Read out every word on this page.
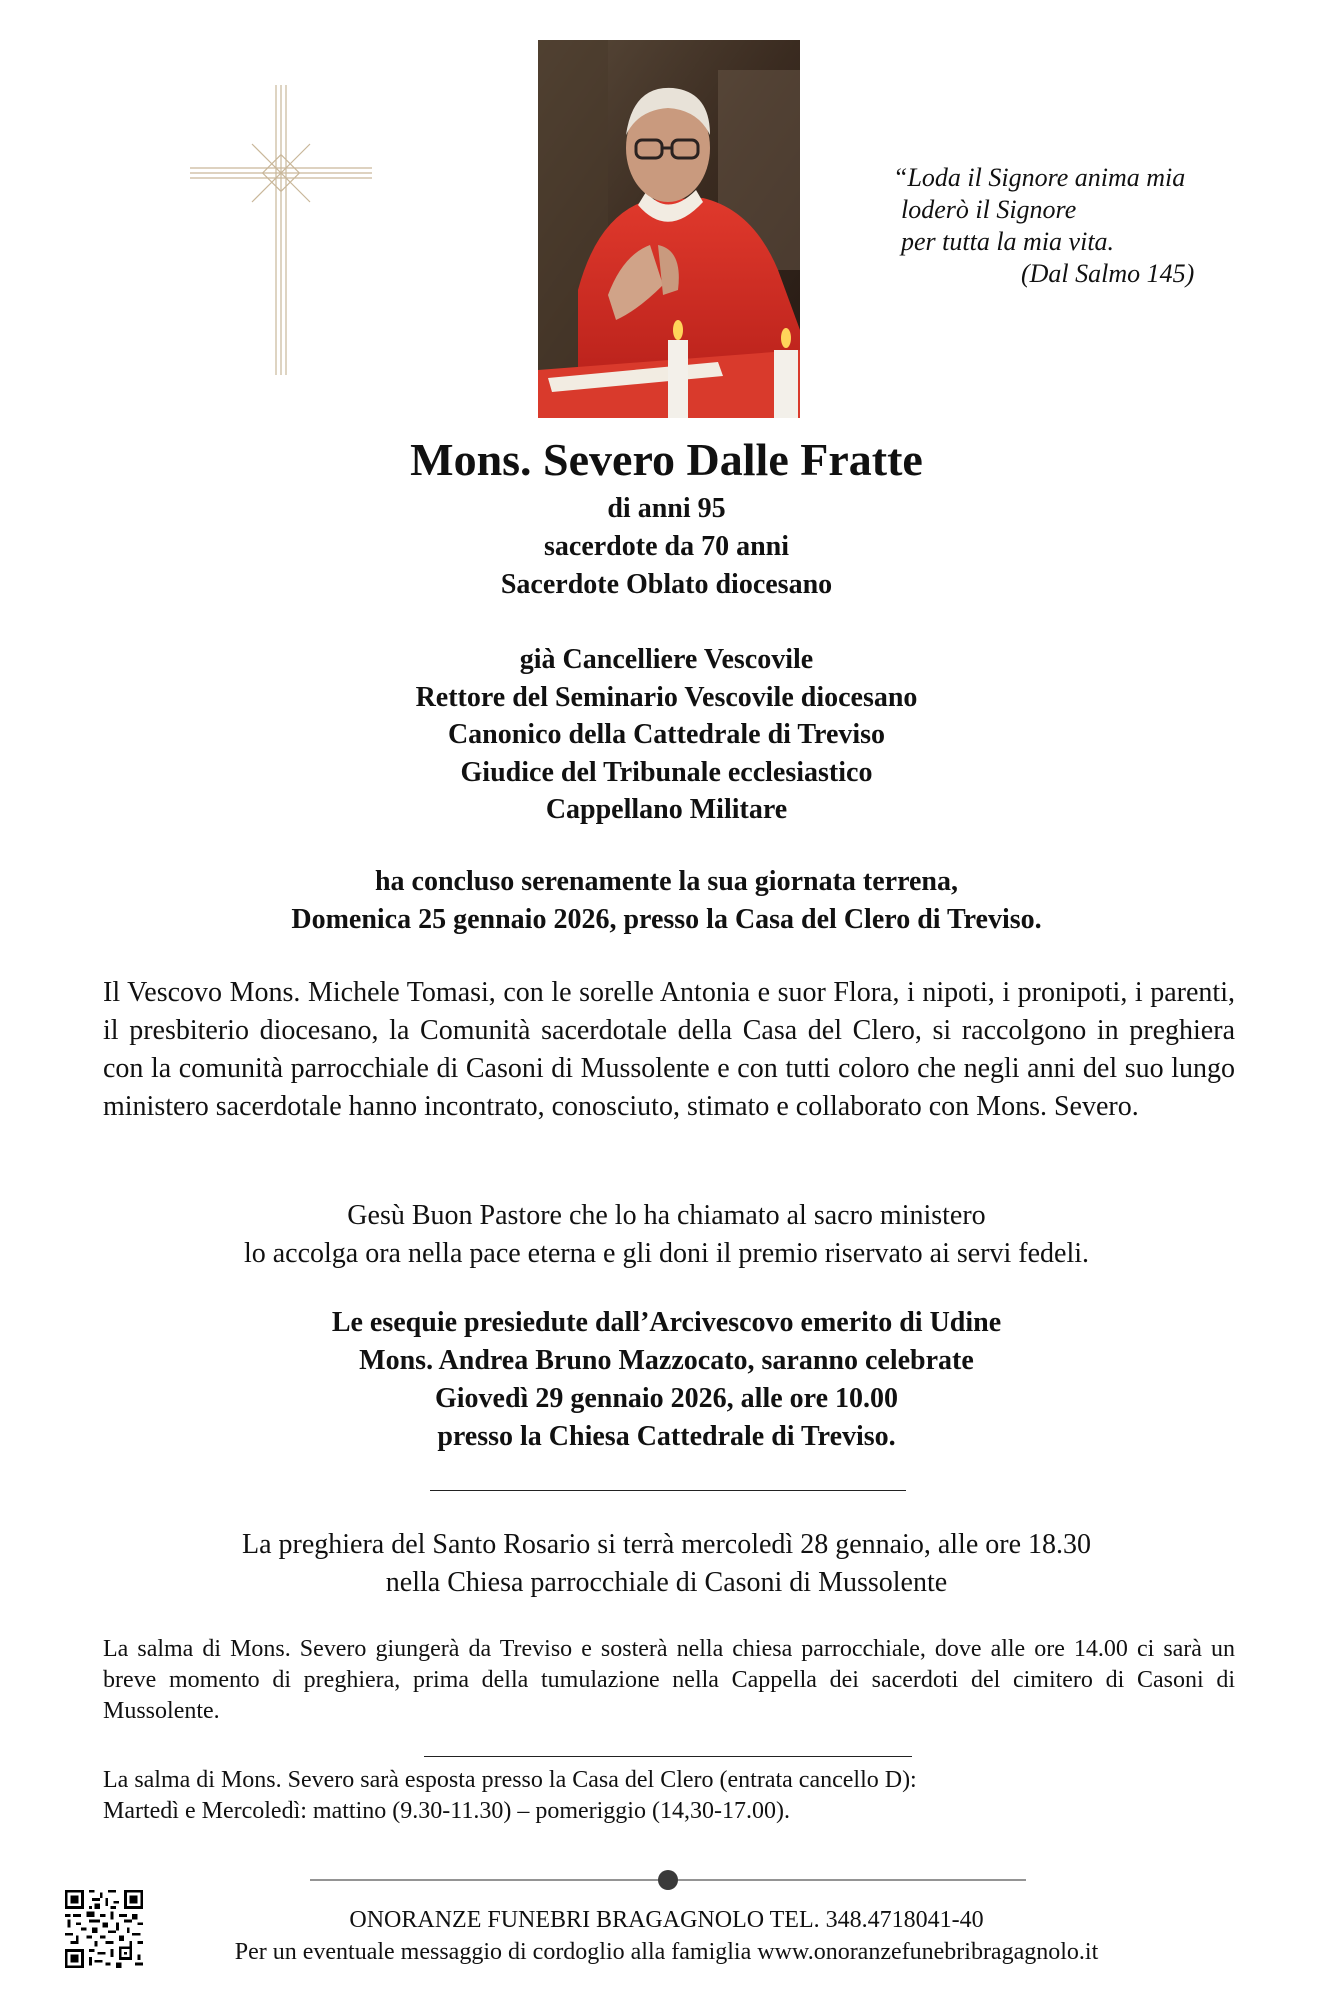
“Loda il Signore anima mia
loderò il Signore
per tutta la mia vita.
(Dal Salmo 145)
Mons. Severo Dalle Fratte
di anni 95
sacerdote da 70 anni
Sacerdote Oblato diocesano
già Cancelliere Vescovile
Rettore del Seminario Vescovile diocesano
Canonico della Cattedrale di Treviso
Giudice del Tribunale ecclesiastico
Cappellano Militare
ha concluso serenamente la sua giornata terrena,
Domenica 25 gennaio 2026, presso la Casa del Clero di Treviso.
Il Vescovo Mons. Michele Tomasi, con le sorelle Antonia e suor Flora, i nipoti, i pronipoti, i parenti, il presbiterio diocesano, la Comunità sacerdotale della Casa del Clero, si raccolgono in preghiera con la comunità parrocchiale di Casoni di Mussolente e con tutti coloro che negli anni del suo lungo ministero sacerdotale hanno incontrato, conosciuto, stimato e collaborato con Mons. Severo.
Gesù Buon Pastore che lo ha chiamato al sacro ministero
lo accolga ora nella pace eterna e gli doni il premio riservato ai servi fedeli.
Le esequie presiedute dall’Arcivescovo emerito di Udine
Mons. Andrea Bruno Mazzocato, saranno celebrate
Giovedì 29 gennaio 2026, alle ore 10.00
presso la Chiesa Cattedrale di Treviso.
La preghiera del Santo Rosario si terrà mercoledì 28 gennaio, alle ore 18.30
nella Chiesa parrocchiale di Casoni di Mussolente
La salma di Mons. Severo giungerà da Treviso e sosterà nella chiesa parrocchiale, dove alle ore 14.00 ci sarà un breve momento di preghiera, prima della tumulazione nella Cappella dei sacerdoti del cimitero di Casoni di Mussolente.
La salma di Mons. Severo sarà esposta presso la Casa del Clero (entrata cancello D):
Martedì e Mercoledì: mattino (9.30-11.30) – pomeriggio (14,30-17.00).
ONORANZE FUNEBRI BRAGAGNOLO TEL. 348.4718041-40
Per un eventuale messaggio di cordoglio alla famiglia www.onoranzefunebribragagnolo.it
